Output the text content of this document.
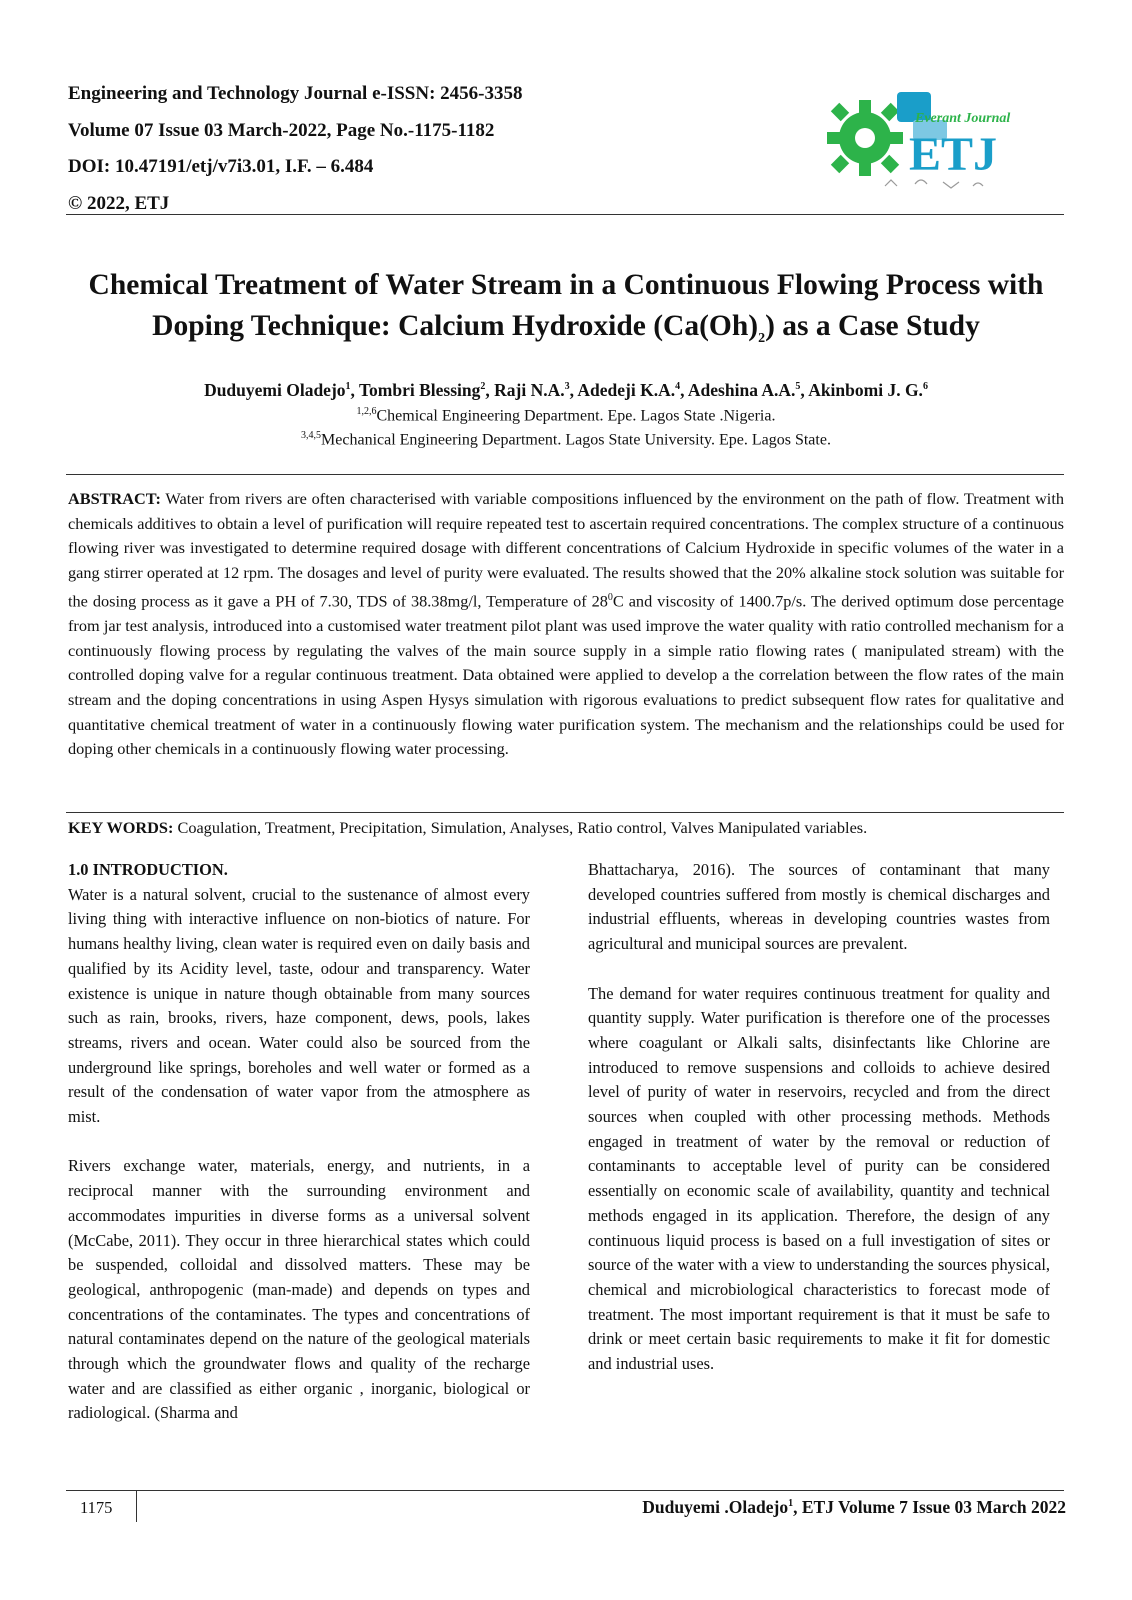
Engineering and Technology Journal e-ISSN: 2456-3358
Volume 07 Issue 03 March-2022, Page No.-1175-1182
DOI: 10.47191/etj/v7i3.01, I.F. – 6.484
© 2022, ETJ
Everant Journal
ETJ
Chemical Treatment of Water Stream in a Continuous Flowing Process with
Doping Technique: Calcium Hydroxide $(Ca(Oh)_2)$ as a Case Study
Duduyemi Oladejo$^1$, Tombri Blessing$^2$, Raji N.A.$^3$, Adedeji K.A.$^4$, Adeshina A.A.$^5$, Akinbomi J. G.$^6$
$^{1,2,6}$Chemical Engineering Department. Epe. Lagos State .Nigeria.
$^{3,4,5}$Mechanical Engineering Department. Lagos State University. Epe. Lagos State.
ABSTRACT: Water from rivers are often characterised with variable compositions influenced by the environment on the path of flow. Treatment with chemicals additives to obtain a level of purification will require repeated test to ascertain required concentrations. The complex structure of a continuous flowing river was investigated to determine required dosage with different concentrations of Calcium Hydroxide in specific volumes of the water in a gang stirrer operated at 12 rpm. The dosages and level of purity were evaluated. The results showed that the 20% alkaline stock solution was suitable for the dosing process as it gave a PH of 7.30, TDS of 38.38mg/l, Temperature of $28^0C$ and viscosity of 1400.7p/s. The derived optimum dose percentage from jar test analysis, introduced into a customised water treatment pilot plant was used improve the water quality with ratio controlled mechanism for a continuously flowing process by regulating the valves of the main source supply in a simple ratio flowing rates ( manipulated stream) with the controlled doping valve for a regular continuous treatment. Data obtained were applied to develop a the correlation between the flow rates of the main stream and the doping concentrations in using Aspen Hysys simulation with rigorous evaluations to predict subsequent flow rates for qualitative and quantitative chemical treatment of water in a continuously flowing water purification system. The mechanism and the relationships could be used for doping other chemicals in a continuously flowing water processing.
KEY WORDS: Coagulation, Treatment, Precipitation, Simulation, Analyses, Ratio control, Valves Manipulated variables.
1.0 INTRODUCTION.

Water is a natural solvent, crucial to the sustenance of almost every living thing with interactive influence on non-biotics of nature. For humans healthy living, clean water is required even on daily basis and qualified by its Acidity level, taste, odour and transparency. Water existence is unique in nature though obtainable from many sources such as rain, brooks, rivers, haze component, dews, pools, lakes streams, rivers and ocean. Water could also be sourced from the underground like springs, boreholes and well water or formed as a result of the condensation of water vapor from the atmosphere as mist.

Rivers exchange water, materials, energy, and nutrients, in a reciprocal manner with the surrounding environment and accommodates impurities in diverse forms as a universal solvent (McCabe, 2011). They occur in three hierarchical states which could be suspended, colloidal and dissolved matters. These may be geological, anthropogenic (man-made) and depends on types and concentrations of the contaminates. The types and concentrations of natural contaminates depend on the nature of the geological materials through which the groundwater flows and quality of the recharge water and are classified as either organic , inorganic, biological or radiological. (Sharma and

Bhattacharya, 2016). The sources of contaminant that many developed countries suffered from mostly is chemical discharges and industrial effluents, whereas in developing countries wastes from agricultural and municipal sources are prevalent.

The demand for water requires continuous treatment for quality and quantity supply. Water purification is therefore one of the processes where coagulant or Alkali salts, disinfectants like Chlorine are introduced to remove suspensions and colloids to achieve desired level of purity of water in reservoirs, recycled and from the direct sources when coupled with other processing methods. Methods engaged in treatment of water by the removal or reduction of contaminants to acceptable level of purity can be considered essentially on economic scale of availability, quantity and technical methods engaged in its application. Therefore, the design of any continuous liquid process is based on a full investigation of sites or source of the water with a view to understanding the sources physical, chemical and microbiological characteristics to forecast mode of treatment. The most important requirement is that it must be safe to drink or meet certain basic requirements to make it fit for domestic and industrial uses.

1175	Duduyemi .Oladejo$^1$, ETJ Volume 7 Issue 03 March 2022
